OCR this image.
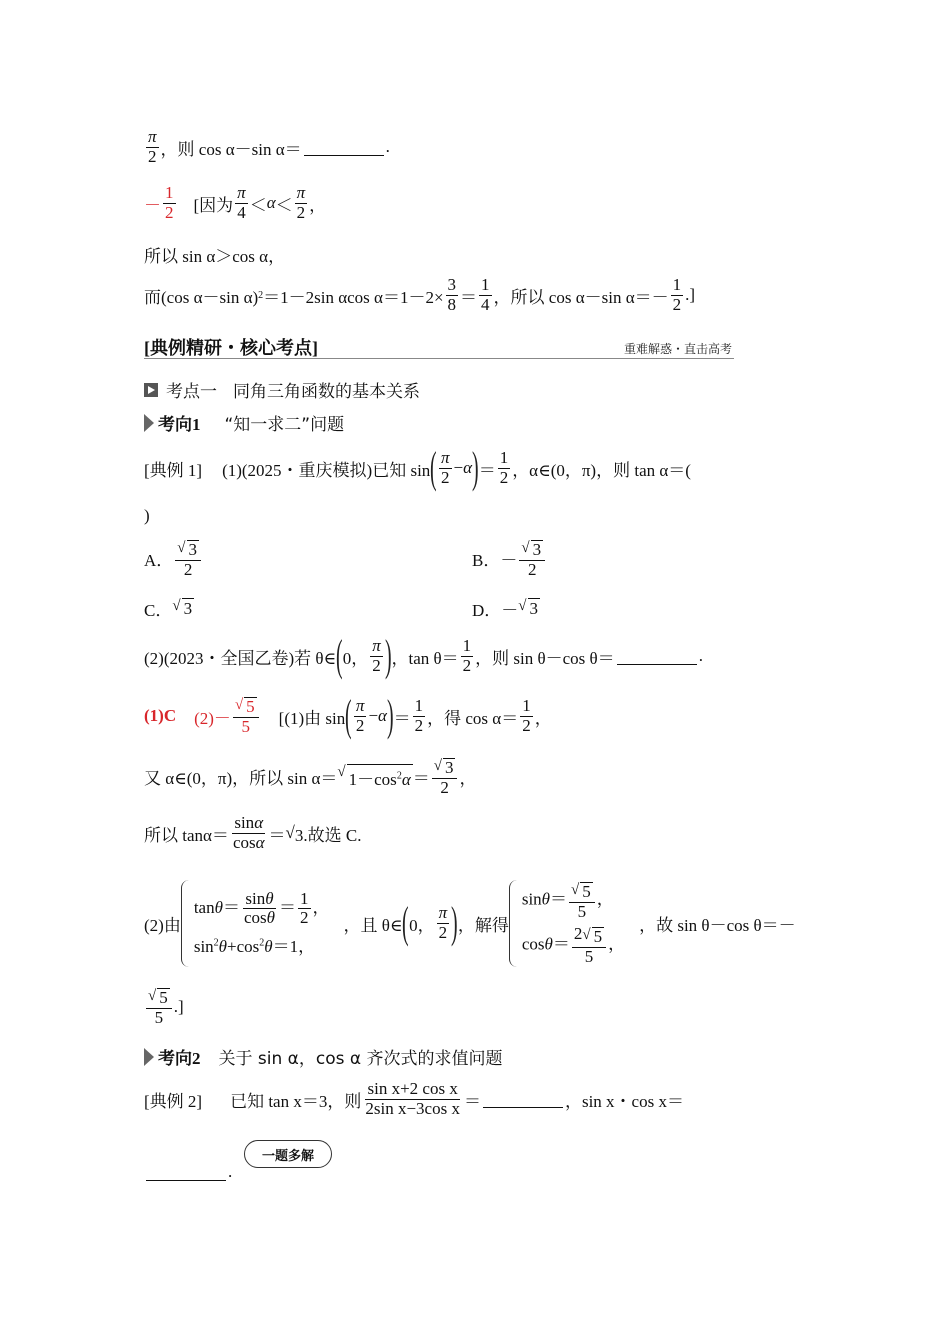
$\frac{\pi}{2}$ ，则 cos α－sin α＝	.
－ $\frac{1}{2}$ [因为 $\frac{\pi}{4} < \alpha < \frac{\pi}{2}$ ，
所以 sin α＞cos α，
而(cos α－sin α) 2 ＝1－2sin αcos $\alpha=1-2\times \frac{3}{8} = \frac{1}{4}$ ，所以 cos α－sin $\alpha=- \frac{1}{2}$ .]
[典例精研・核心考点]	重难解惑・直击高考
考点一 同角三角函数的基本关系
考向1 “知一求二”问题
[典例 1] (1)(2025・重庆模拟)已知 sin ( $\frac{\pi}{2} - \alpha$ ) ＝ $\frac{1}{2}$ ，α∈ (0，π) ，则 tan α＝(
)
A． $\frac{√ 3}{2}$	B．－ $\frac{√ 3}{2}$
C． √ 3	D．－ √ 3
(2)(2023・全国乙卷)若 θ∈ ( 0， $\frac{\pi}{2}$ ) ，$\tan \theta= \frac{1}{2}$ ，则 sin θ－cos θ＝	.
(1)C $(2)- \frac{√ 5}{5} [(1)$由 sin ( $\frac{\pi}{2} - \alpha$ ) ＝ $\frac{1}{2}$ ，得 $\cos \alpha= \frac{1}{2}$ ，
又 α∈(0，π)，所以 sin α＝ √ $1-\cos^2\alpha = \frac{√ 3}{2}$ ，
所以 $\tan\alpha= \frac{\sin\alpha}{\cos\alpha}$ ＝ √ 3.故选 C.
(2)由
$\tan\theta= \frac{\sin\theta}{\cos\theta} = \frac{1}{2}$ ，
$\sin^2\theta+\cos^2\theta=1$，
，且 θ∈ ( 0， $\frac{\pi}{2}$ ) ，解得
$\sin\theta= \frac{√ 5}{5}$ ，
$\cos\theta= \frac{2 √ 5}{5}$ ，
，故 sin θ－cos θ＝－
$\frac{√ 5}{5}$ .]
考向2 关于 sin α，cos α 齐次式的求值问题
[典例 2] 已知 tan x＝3，则 $\frac{\text{sin x+2 cos x}}{\text{2sin x−3cos x}}$ ＝	，sin x・cos x＝
一题多解
.
